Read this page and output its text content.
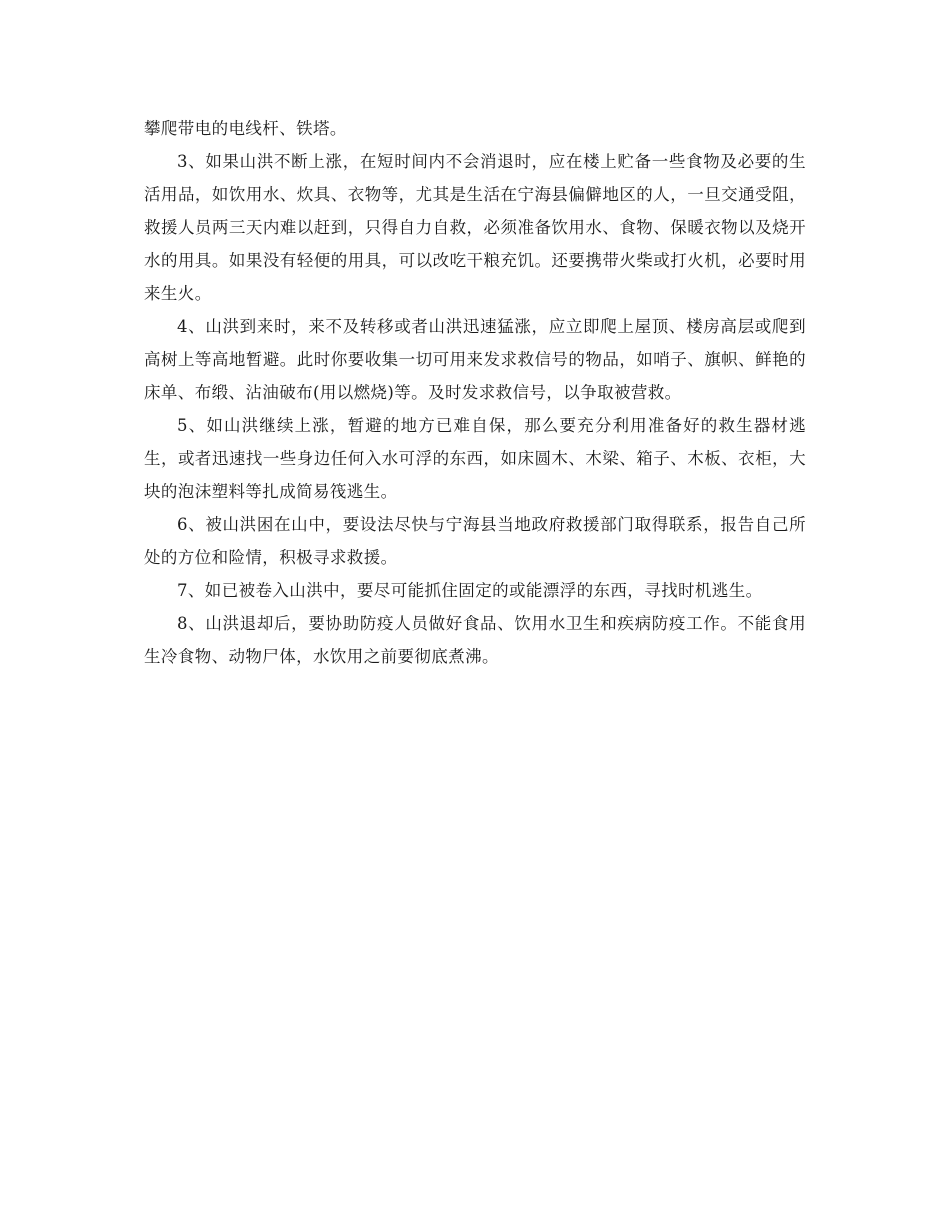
攀爬带电的电线杆、铁塔。

3、如果山洪不断上涨，在短时间内不会消退时，应在楼上贮备一些食物及必要的生活用品，如饮用水、炊具、衣物等，尤其是生活在宁海县偏僻地区的人，一旦交通受阻，救援人员两三天内难以赶到，只得自力自救，必须准备饮用水、食物、保暖衣物以及烧开水的用具。如果没有轻便的用具，可以改吃干粮充饥。还要携带火柴或打火机，必要时用来生火。

4、山洪到来时，来不及转移或者山洪迅速猛涨，应立即爬上屋顶、楼房高层或爬到高树上等高地暂避。此时你要收集一切可用来发求救信号的物品，如哨子、旗帜、鲜艳的床单、布缎、沾油破布(用以燃烧)等。及时发求救信号，以争取被营救。

5、如山洪继续上涨，暂避的地方已难自保，那么要充分利用准备好的救生器材逃生，或者迅速找一些身边任何入水可浮的东西，如床圆木、木梁、箱子、木板、衣柜，大块的泡沫塑料等扎成简易筏逃生。

6、被山洪困在山中，要设法尽快与宁海县当地政府救援部门取得联系，报告自己所处的方位和险情，积极寻求救援。

7、如已被卷入山洪中，要尽可能抓住固定的或能漂浮的东西，寻找时机逃生。

8、山洪退却后，要协助防疫人员做好食品、饮用水卫生和疾病防疫工作。不能食用生冷食物、动物尸体，水饮用之前要彻底煮沸。
